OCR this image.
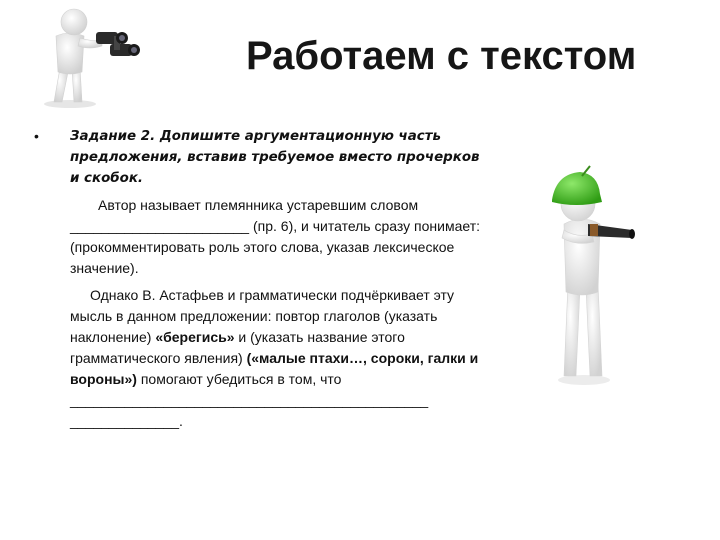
Работаем с текстом
• Задание 2. Допишите аргументационную часть предложения, вставив требуемое вместо прочерков и скобок.
Автор называет племянника устаревшим словом _______________________ (пр. 6), и читатель сразу понимает: (прокомментировать роль этого слова, указав лексическое значение).
Однако В. Астафьев и грамматически подчёркивает эту мысль в данном предложении: повтор глаголов (указать наклонение) «берегись» и (указать название этого грамматического явления) («малые птахи…, сороки, галки и вороны») помогают убедиться в том, что ______________________________________________ ______________.
